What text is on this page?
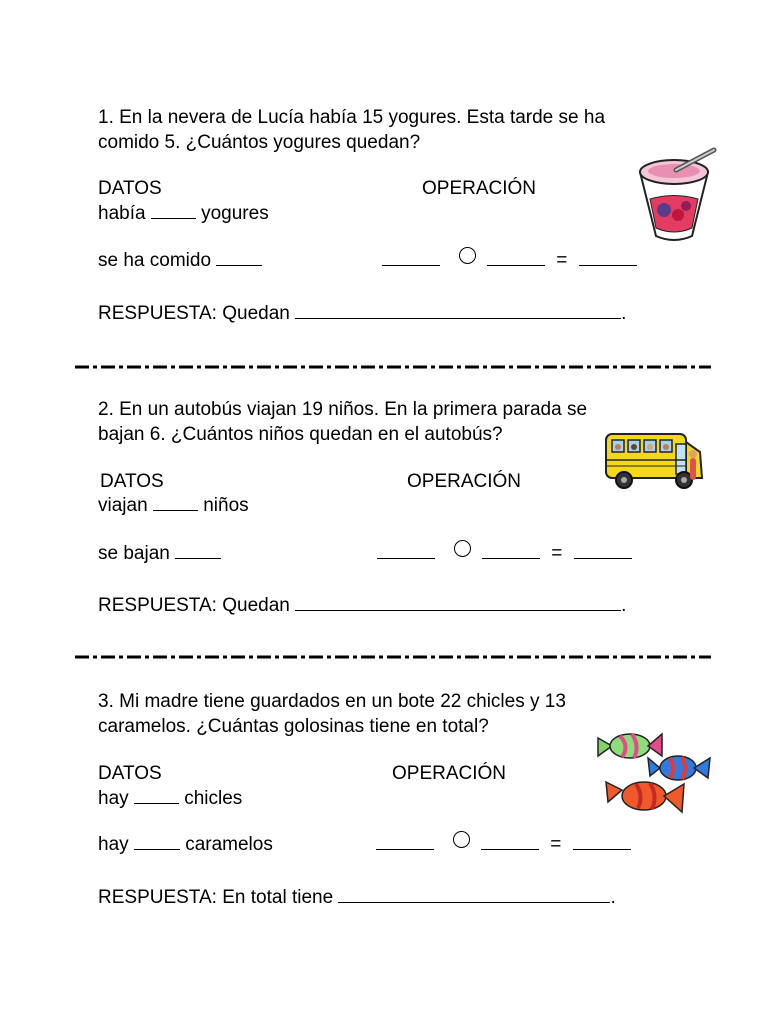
1. En la nevera de Lucía había 15 yogures. Esta tarde se ha
comido 5. ¿Cuántos yogures quedan?
DATOS	OPERACIÓN
había	yogures
se ha comido	=
RESPUESTA: Quedan	.
2. En un autobús viajan 19 niños. En la primera parada se
bajan 6. ¿Cuántos niños quedan en el autobús?
DATOS	OPERACIÓN
viajan	niños
se bajan	=
RESPUESTA: Quedan	.
3. Mi madre tiene guardados en un bote 22 chicles y 13
caramelos. ¿Cuántas golosinas tiene en total?
DATOS	OPERACIÓN
hay	chicles
hay	caramelos	=
RESPUESTA: En total tiene	.
